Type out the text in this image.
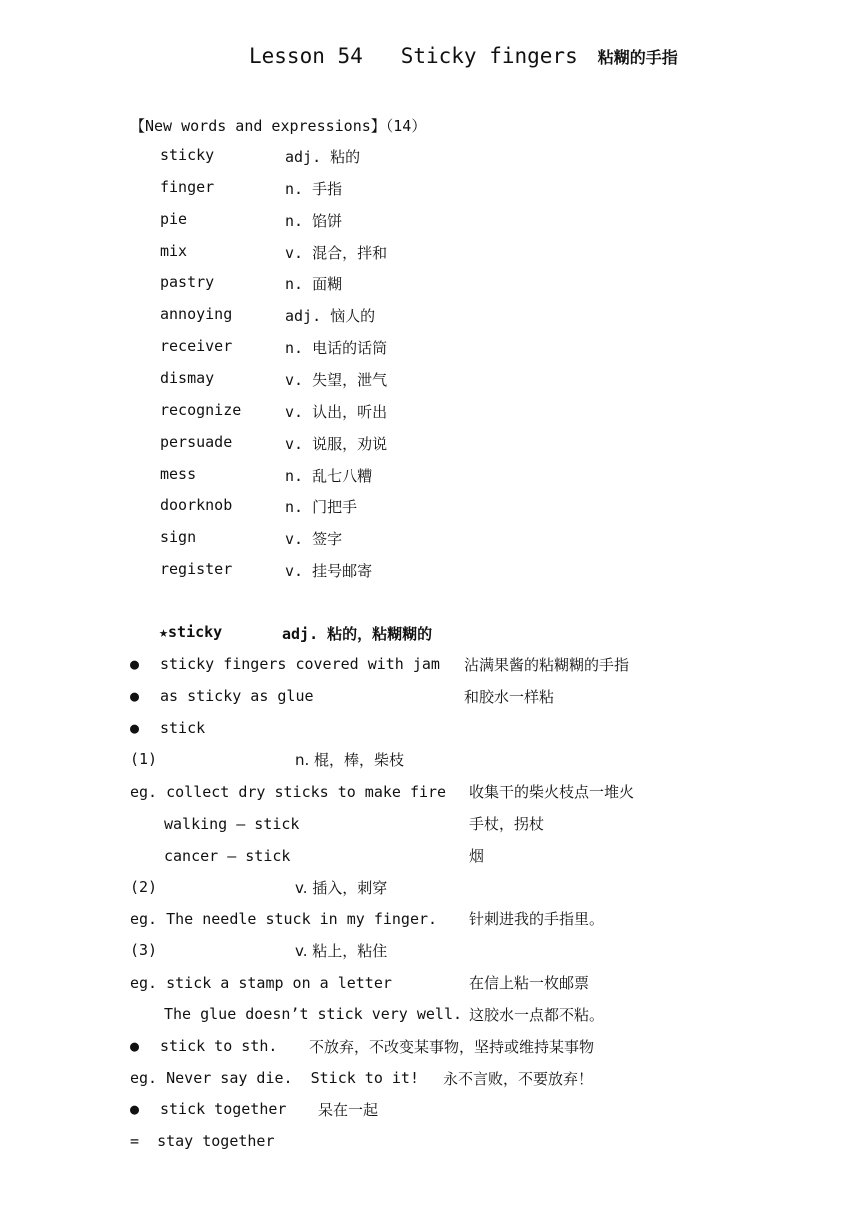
Lesson 54   Sticky fingers 粘糊的手指
【New words and expressions】（14）
sticky	adj. 粘的
finger	n. 手指
pie	n. 馅饼
mix	v. 混合，拌和
pastry	n. 面糊
annoying	adj. 恼人的
receiver	n. 电话的话筒
dismay	v. 失望，泄气
recognize	v. 认出，听出
persuade	v. 说服，劝说
mess	n. 乱七八糟
doorknob	n. 门把手
sign	v. 签字
register	v. 挂号邮寄
★sticky	adj. 粘的，粘糊糊的
● sticky fingers covered with jam 沾满果酱的粘糊糊的手指
● as sticky as glue	和胶水一样粘
● stick
(1)	n. 棍，棒，柴枝
eg. collect dry sticks to make fire 收集干的柴火枝点一堆火
walking – stick	手杖，拐杖
cancer – stick	烟
(2)	v. 插入，刺穿
eg. The needle stuck in my finger. 针刺进我的手指里。
(3)	v. 粘上，粘住
eg. stick a stamp on a letter	在信上粘一枚邮票
The glue doesn’t stick very well. 这胶水一点都不粘。
● stick to sth. 不放弃，不改变某事物，坚持或维持某事物
eg. Never say die.  Stick to it! 永不言败，不要放弃！
● stick together 呆在一起
=  stay together
